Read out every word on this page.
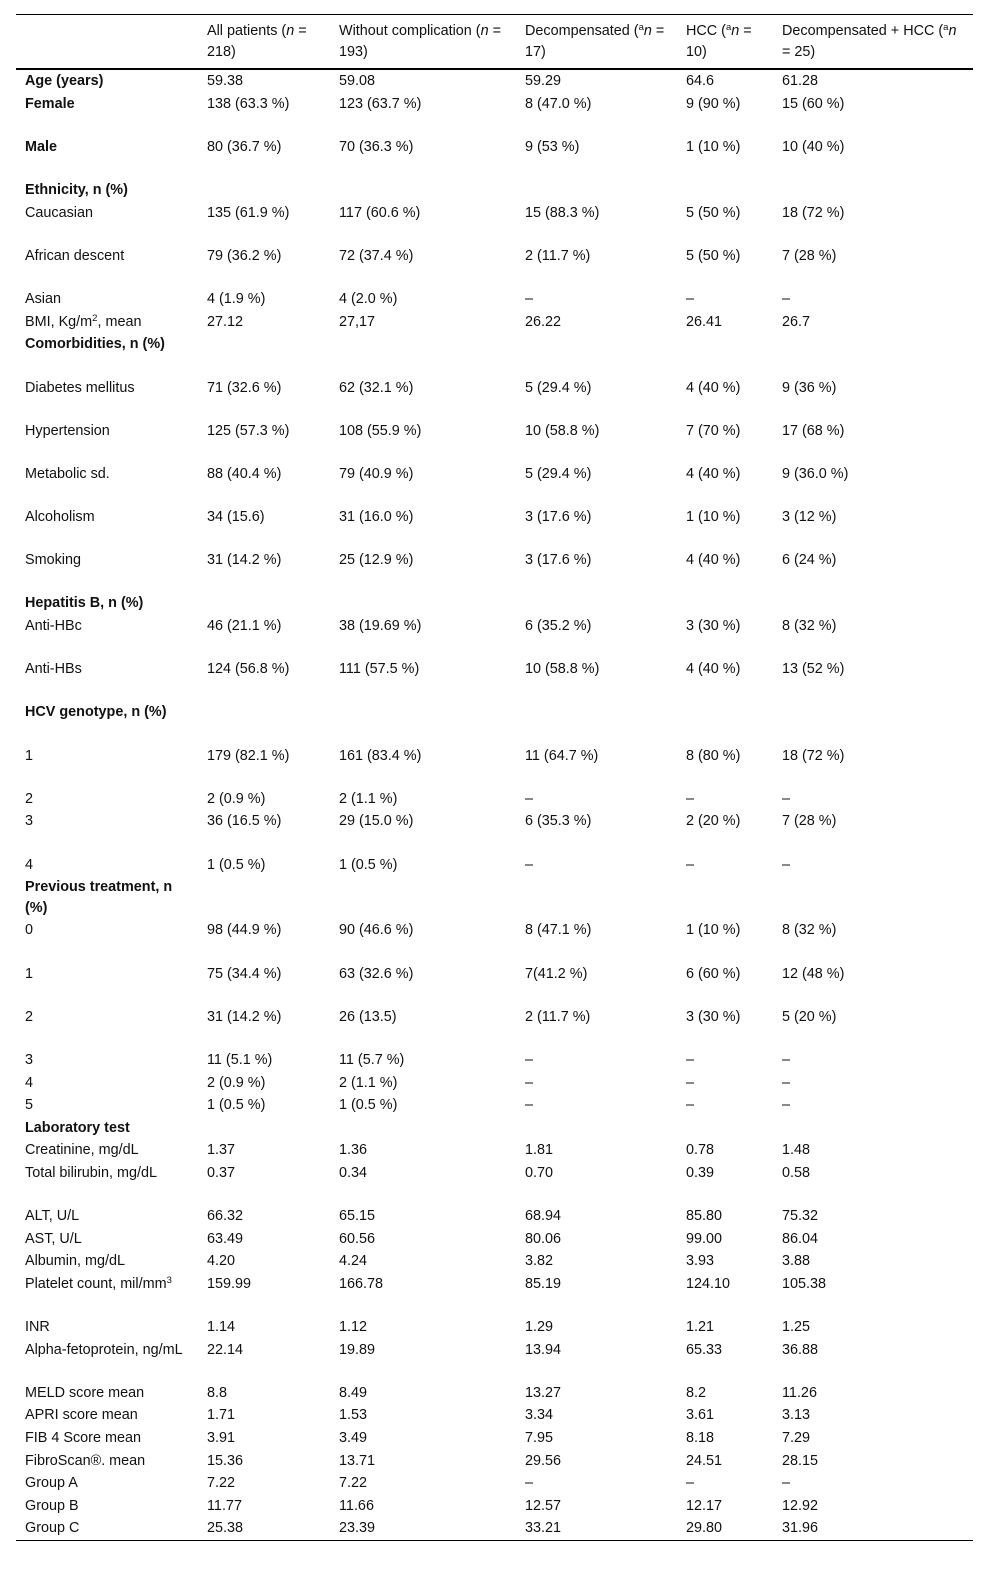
	All patients (n = 218)	Without complication (n = 193)	Decompensated ($^a$n = 17)	HCC ($^a$n = 10)	Decompensated + HCC ($^a$n = 25)
Age (years)	59.38	59.08	59.29	64.6	61.28
Female	138 (63.3 %)	123 (63.7 %)	8 (47.0 %)	9 (90 %)	15 (60 %)
Male	80 (36.7 %)	70 (36.3 %)	9 (53 %)	1 (10 %)	10 (40 %)
Ethnicity, n (%)					
Caucasian	135 (61.9 %)	117 (60.6 %)	15 (88.3 %)	5 (50 %)	18 (72 %)
African descent	79 (36.2 %)	72 (37.4 %)	2 (11.7 %)	5 (50 %)	7 (28 %)
Asian	4 (1.9 %)	4 (2.0 %)	–	–	–
BMI, $Kg/m^2$, mean	27.12	27,17	26.22	26.41	26.7
Comorbidities, n (%)					
Diabetes mellitus	71 (32.6 %)	62 (32.1 %)	5 (29.4 %)	4 (40 %)	9 (36 %)
Hypertension	125 (57.3 %)	108 (55.9 %)	10 (58.8 %)	7 (70 %)	17 (68 %)
Metabolic sd.	88 (40.4 %)	79 (40.9 %)	5 (29.4 %)	4 (40 %)	9 (36.0 %)
Alcoholism	34 (15.6)	31 (16.0 %)	3 (17.6 %)	1 (10 %)	3 (12 %)
Smoking	31 (14.2 %)	25 (12.9 %)	3 (17.6 %)	4 (40 %)	6 (24 %)
Hepatitis B, n (%)					
Anti-HBc	46 (21.1 %)	38 (19.69 %)	6 (35.2 %)	3 (30 %)	8 (32 %)
Anti-HBs	124 (56.8 %)	111 (57.5 %)	10 (58.8 %)	4 (40 %)	13 (52 %)
HCV genotype, n (%)					
1	179 (82.1 %)	161 (83.4 %)	11 (64.7 %)	8 (80 %)	18 (72 %)
2	2 (0.9 %)	2 (1.1 %)	–	–	–
3	36 (16.5 %)	29 (15.0 %)	6 (35.3 %)	2 (20 %)	7 (28 %)
4	1 (0.5 %)	1 (0.5 %)	–	–	–
Previous treatment, n (%)					
0	98 (44.9 %)	90 (46.6 %)	8 (47.1 %)	1 (10 %)	8 (32 %)
1	75 (34.4 %)	63 (32.6 %)	7(41.2 %)	6 (60 %)	12 (48 %)
2	31 (14.2 %)	26 (13.5)	2 (11.7 %)	3 (30 %)	5 (20 %)
3	11 (5.1 %)	11 (5.7 %)	–	–	–
4	2 (0.9 %)	2 (1.1 %)	–	–	–
5	1 (0.5 %)	1 (0.5 %)	–	–	–
Laboratory test					
Creatinine, mg/dL	1.37	1.36	1.81	0.78	1.48
Total bilirubin, mg/dL	0.37	0.34	0.70	0.39	0.58
ALT, U/L	66.32	65.15	68.94	85.80	75.32
AST, U/L	63.49	60.56	80.06	99.00	86.04
Albumin, mg/dL	4.20	4.24	3.82	3.93	3.88
Platelet count, mil/$mm^3$	159.99	166.78	85.19	124.10	105.38
INR	1.14	1.12	1.29	1.21	1.25
Alpha-fetoprotein, ng/mL	22.14	19.89	13.94	65.33	36.88
MELD score mean	8.8	8.49	13.27	8.2	11.26
APRI score mean	1.71	1.53	3.34	3.61	3.13
FIB 4 Score mean	3.91	3.49	7.95	8.18	7.29
FibroScan®. mean	15.36	13.71	29.56	24.51	28.15
Group A	7.22	7.22	–	–	–
Group B	11.77	11.66	12.57	12.17	12.92
Group C	25.38	23.39	33.21	29.80	31.96
